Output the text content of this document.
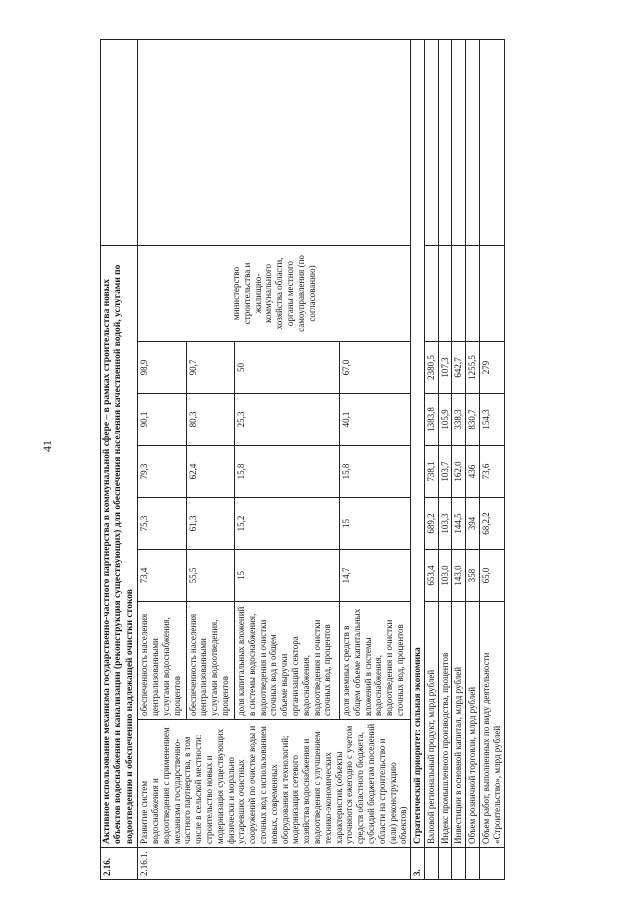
41
2.16.	Активное использование механизма государственно-частного партнерства в коммунальной сфере – в рамках строительства новых объектов водоснабжения и канализации (реконструкция существующих) для обеспечения населения качественной водой, услугами по водоотведению и обеспечению надлежащей очистки стоков								
2.16.1.	Развитие систем водоснабжения и водоотведения с применением механизма государственно-частного партнерства, в том числе в сельской местности: строительство новых и модернизация существующих физически и морально устаревших очистных сооружений по очистке воды и сточных вод с использованием новых, современных оборудования и технологий; модернизация сетевого хозяйства водоснабжения и водоотведения с улучшением технико-экономических характеристик (объекты уточняются ежегодно с учетом средств областного бюджета, субсидий бюджетам поселений области на строительство и (или) реконструкцию объектов)	обеспеченность населения централизованными услугами водоснабжения, процентов	73,4	75,3	79,3	90,1	98,9	министерство строительства и жилищно-коммунального хозяйства области, органы местного самоуправления (по согласованию)	
		обеспеченность населения централизованными услугами водоотведения, процентов	55,5	61,3	62,4	80,3	90,7		
		доля капитальных вложений в системы водоснабжения, водоотведения и очистки сточных вод в общем объеме выручки организаций сектора водоснабжения, водоотведения и очистки сточных вод, процентов	15	15,2	15,8	25,3	50		
		доля заемных средств в общем объеме капитальных вложений в системы водоснабжения, водоотведения и очистки сточных вод, процентов	14,7	15	15,8	40,1	67,0		
3.	Стратегический приоритет: сильная экономика								
	Валовой региональный продукт, млрд рублей		653,4	689,2	738,1	1383,8	2380,5		
	Индекс промышленного производства, процентов		103,0	103,3	103,7	105,9	107,3		
	Инвестиции в основной капитал, млрд рублей		143,0	144,5	162,0	338,3	642,7		
	Объем розничной торговли, млрд рублей		358	394	436	830,7	1255,5		
	Объем работ, выполненных по виду деятельности «Строительство», млрд рублей		65,0	68,2,2	73,6	154,3	279		
